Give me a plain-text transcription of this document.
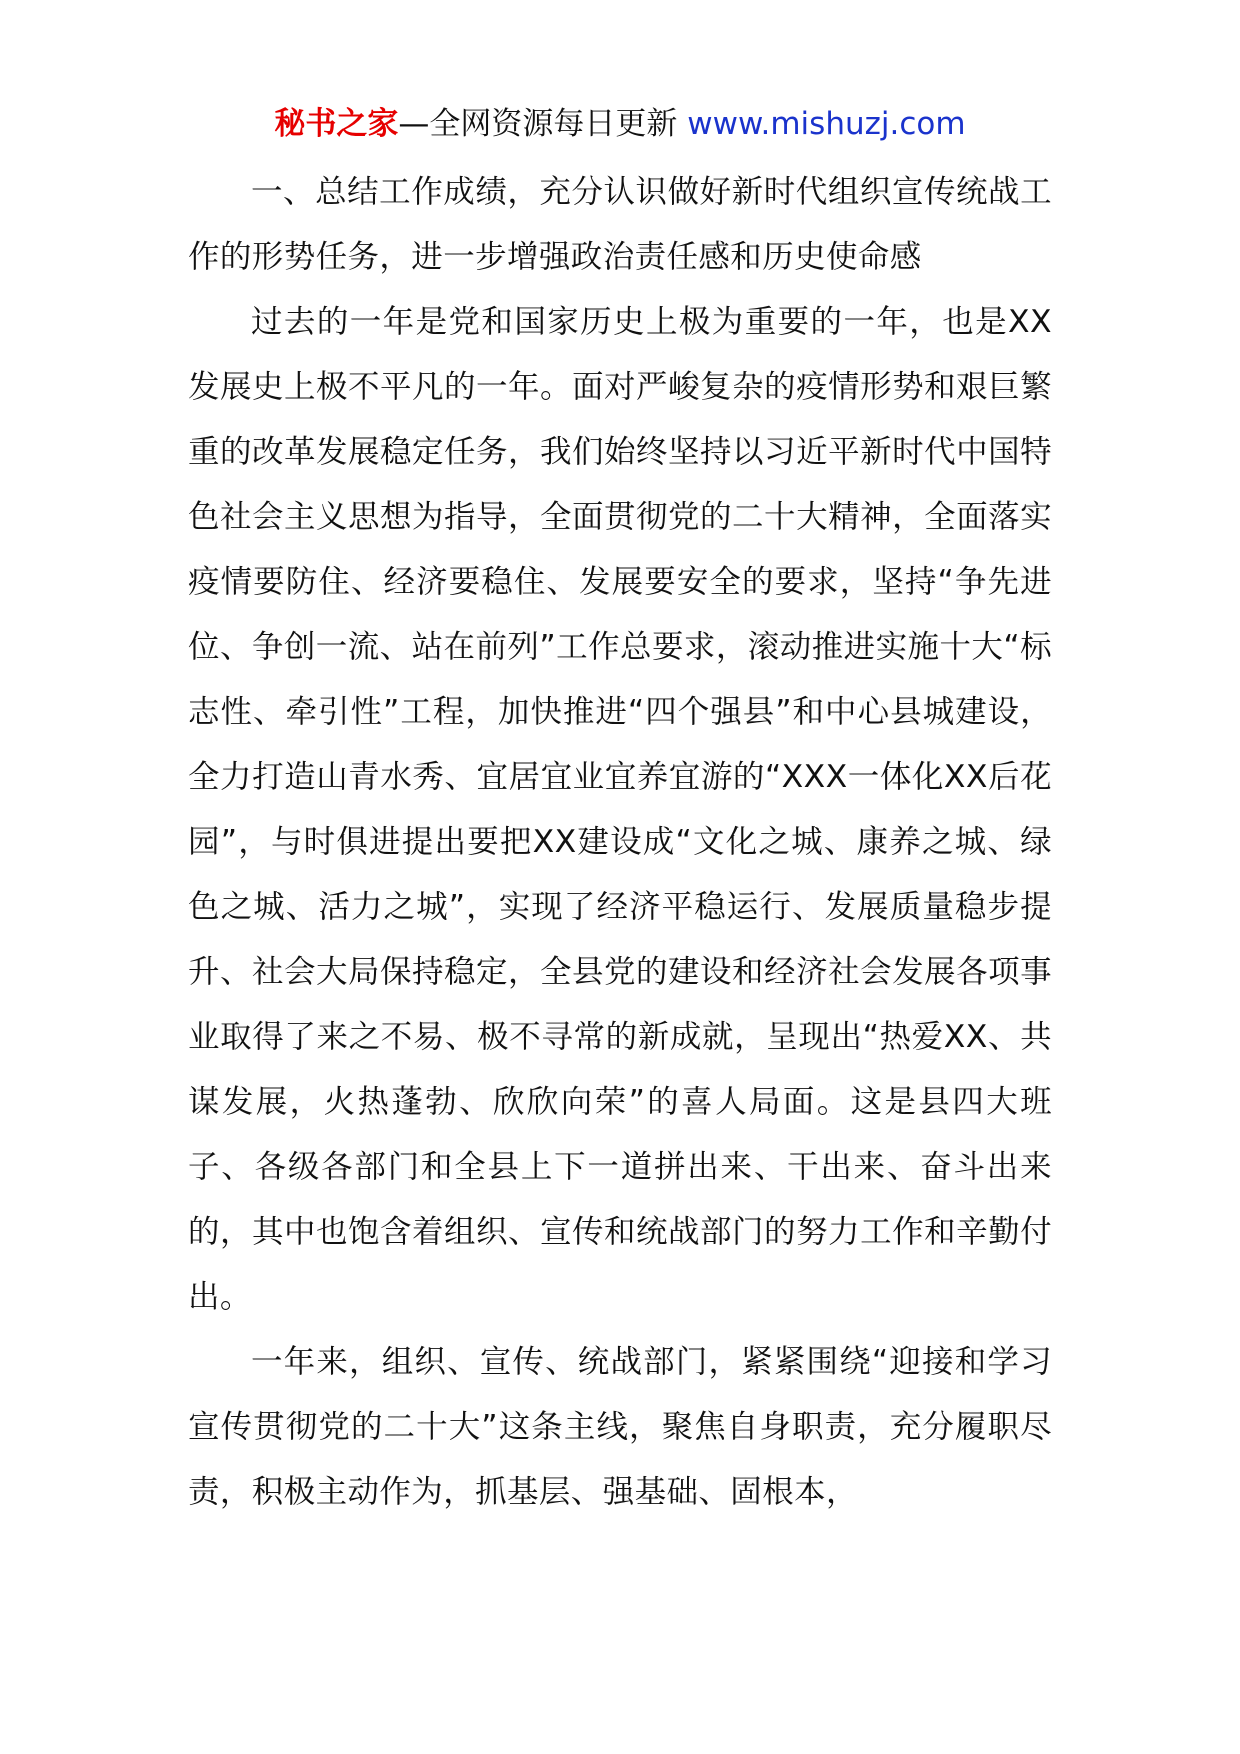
秘书之家—全网资源每日更新 www.mishuzj.com

一、总结工作成绩，充分认识做好新时代组织宣传统战工作的形势任务，进一步增强政治责任感和历史使命感

过去的一年是党和国家历史上极为重要的一年，也是XX发展史上极不平凡的一年。面对严峻复杂的疫情形势和艰巨繁重的改革发展稳定任务，我们始终坚持以习近平新时代中国特色社会主义思想为指导，全面贯彻党的二十大精神，全面落实疫情要防住、经济要稳住、发展要安全的要求，坚持“争先进位、争创一流、站在前列”工作总要求，滚动推进实施十大“标志性、牵引性”工程，加快推进“四个强县”和中心县城建设，全力打造山青水秀、宜居宜业宜养宜游的“XXX一体化XX后花园”，与时俱进提出要把XX建设成“文化之城、康养之城、绿色之城、活力之城”，实现了经济平稳运行、发展质量稳步提升、社会大局保持稳定，全县党的建设和经济社会发展各项事业取得了来之不易、极不寻常的新成就，呈现出“热爱XX、共谋发展，火热蓬勃、欣欣向荣”的喜人局面。这是县四大班子、各级各部门和全县上下一道拼出来、干出来、奋斗出来的，其中也饱含着组织、宣传和统战部门的努力工作和辛勤付出。

一年来，组织、宣传、统战部门，紧紧围绕“迎接和学习宣传贯彻党的二十大”这条主线，聚焦自身职责，充分履职尽责，积极主动作为，抓基层、强基础、固根本，
